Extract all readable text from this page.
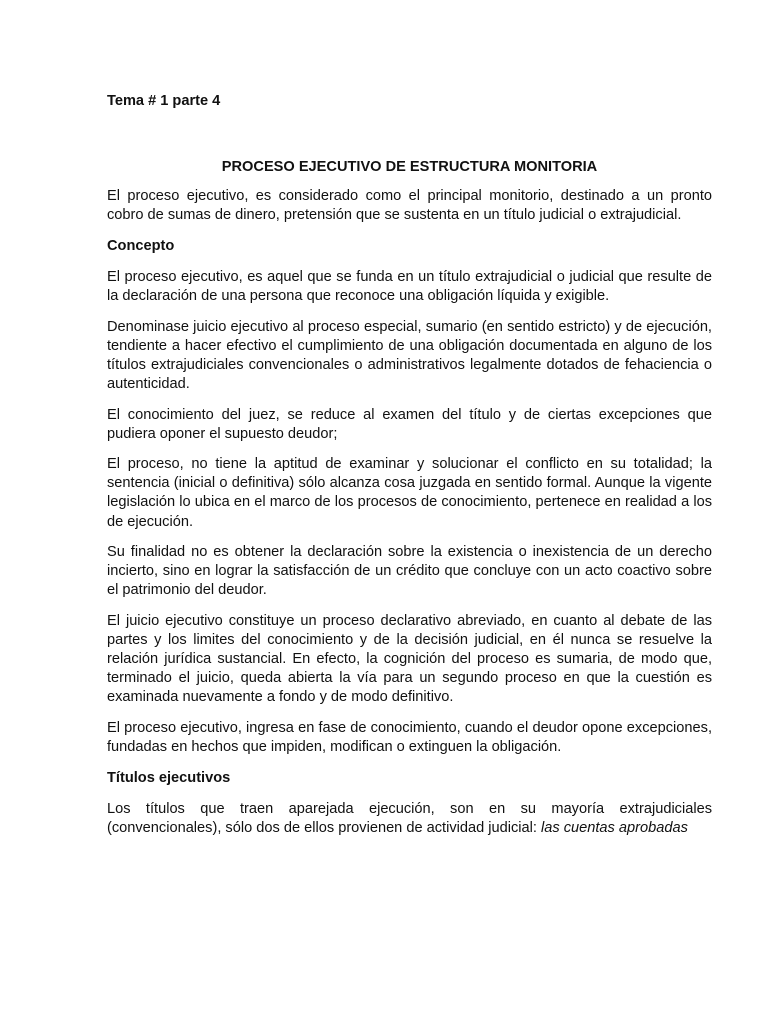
Tema # 1 parte 4

PROCESO EJECUTIVO DE ESTRUCTURA MONITORIA

El proceso ejecutivo, es considerado como el principal monitorio, destinado a un pronto cobro de sumas de dinero, pretensión que se sustenta en un título judicial o extrajudicial.

Concepto

El proceso ejecutivo, es aquel que se funda en un título extrajudicial o judicial que resulte de la declaración de una persona que reconoce una obligación líquida y exigible.

Denominase juicio ejecutivo al proceso especial, sumario (en sentido estricto) y de ejecución, tendiente a hacer efectivo el cumplimiento de una obligación documentada en alguno de los títulos extrajudiciales convencionales o administrativos legalmente dotados de fehaciencia o autenticidad.

El conocimiento del juez, se reduce al examen del título y de ciertas excepciones que pudiera oponer el supuesto deudor;

El proceso, no tiene la aptitud de examinar y solucionar el conflicto en su totalidad; la sentencia (inicial o definitiva) sólo alcanza cosa juzgada en sentido formal. Aunque la vigente legislación lo ubica en el marco de los procesos de conocimiento, pertenece en realidad a los de ejecución.

Su finalidad no es obtener la declaración sobre la existencia o inexistencia de un derecho incierto, sino en lograr la satisfacción de un crédito que concluye con un acto coactivo sobre el patrimonio del deudor.

El juicio ejecutivo constituye un proceso declarativo abreviado, en cuanto al debate de las partes y los limites del conocimiento y de la decisión judicial, en él nunca se resuelve la relación jurídica sustancial. En efecto, la cognición del proceso es sumaria, de modo que, terminado el juicio, queda abierta la vía para un segundo proceso en que la cuestión es examinada nuevamente a fondo y de modo definitivo.

El proceso ejecutivo, ingresa en fase de conocimiento, cuando el deudor opone excepciones, fundadas en hechos que impiden, modifican o extinguen la obligación.

Títulos ejecutivos

Los títulos que traen aparejada ejecución, son en su mayoría extrajudiciales (convencionales), sólo dos de ellos provienen de actividad judicial: las cuentas aprobadas
